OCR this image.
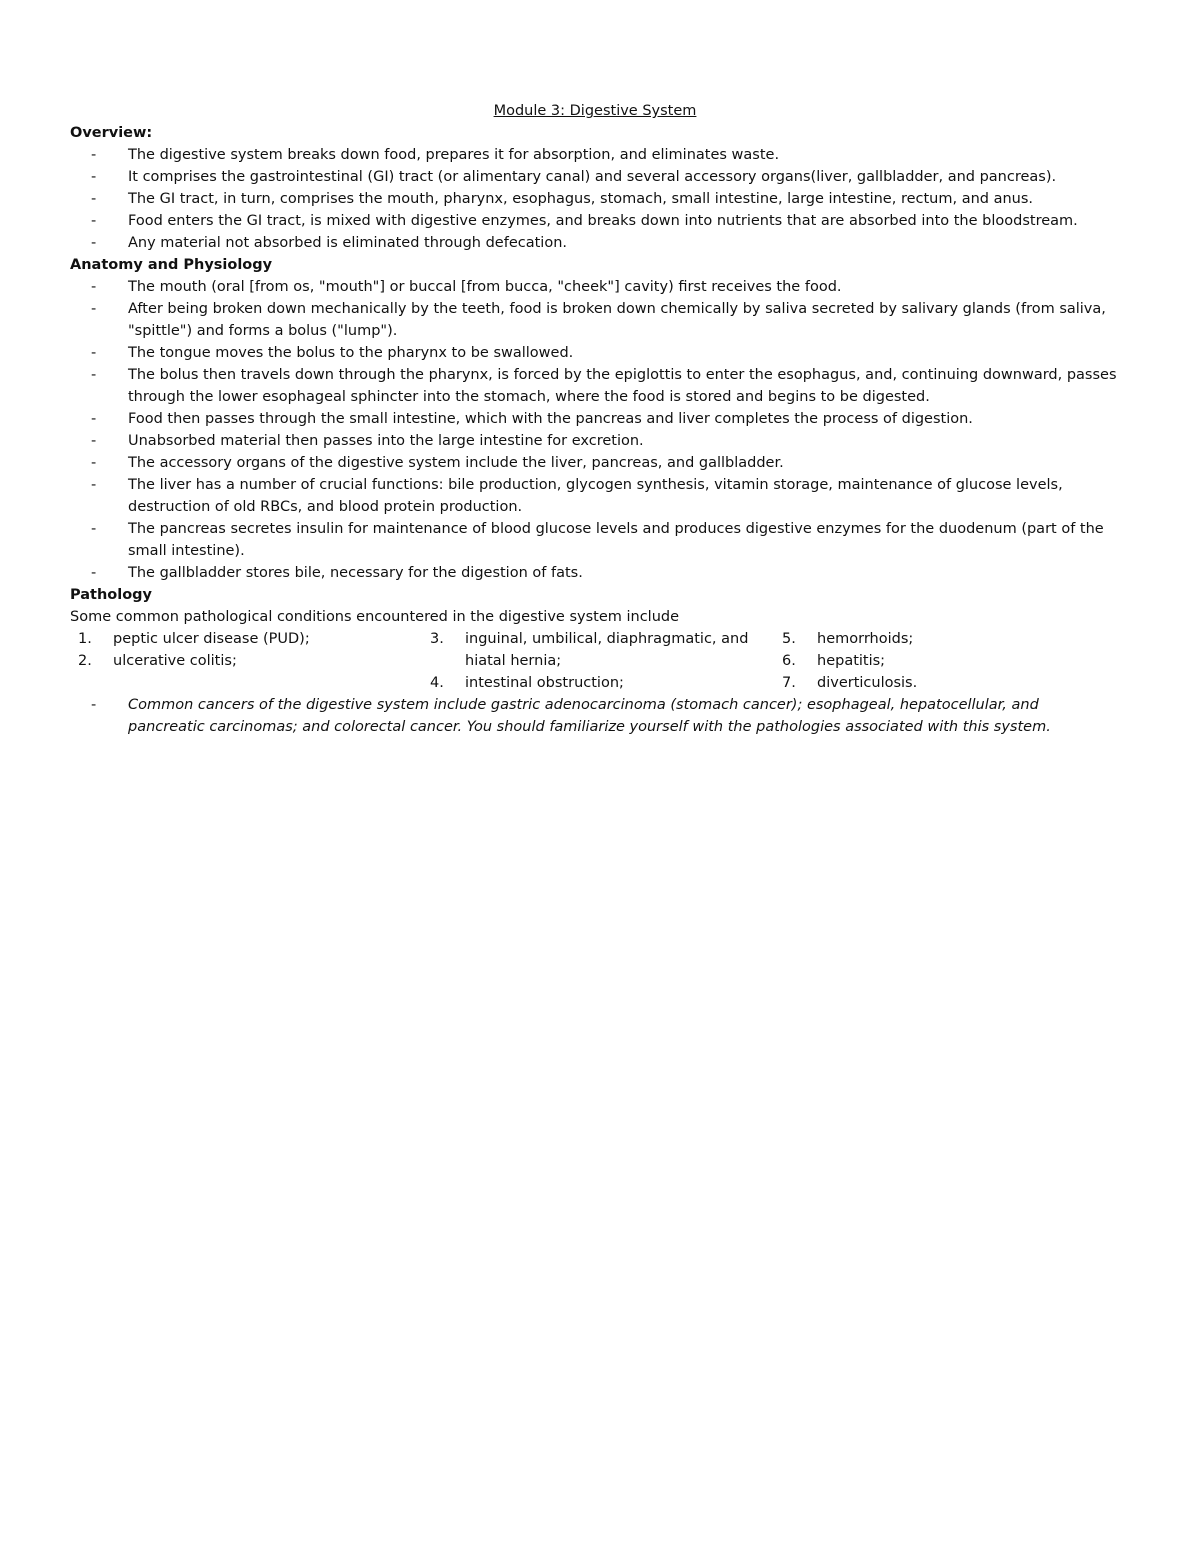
Module 3: Digestive System

Overview:

- The digestive system breaks down food, prepares it for absorption, and eliminates waste.
- It comprises the gastrointestinal (GI) tract (or alimentary canal) and several accessory organs(liver, gallbladder, and pancreas).
- The GI tract, in turn, comprises the mouth, pharynx, esophagus, stomach, small intestine, large intestine, rectum, and anus.
- Food enters the GI tract, is mixed with digestive enzymes, and breaks down into nutrients that are absorbed into the bloodstream.
- Any material not absorbed is eliminated through defecation.

Anatomy and Physiology

- The mouth (oral [from os, "mouth"] or buccal [from bucca, "cheek"] cavity) first receives the food.
- After being broken down mechanically by the teeth, food is broken down chemically by saliva secreted by salivary glands (from saliva, "spittle") and forms a bolus ("lump").
- The tongue moves the bolus to the pharynx to be swallowed.
- The bolus then travels down through the pharynx, is forced by the epiglottis to enter the esophagus, and, continuing downward, passes through the lower esophageal sphincter into the stomach, where the food is stored and begins to be digested.
- Food then passes through the small intestine, which with the pancreas and liver completes the process of digestion.
- Unabsorbed material then passes into the large intestine for excretion.
- The accessory organs of the digestive system include the liver, pancreas, and gallbladder.
- The liver has a number of crucial functions: bile production, glycogen synthesis, vitamin storage, maintenance of glucose levels, destruction of old RBCs, and blood protein production.
- The pancreas secretes insulin for maintenance of blood glucose levels and produces digestive enzymes for the duodenum (part of the small intestine).
- The gallbladder stores bile, necessary for the digestion of fats.

Pathology

Some common pathological conditions encountered in the digestive system include

1. peptic ulcer disease (PUD);
2. ulcerative colitis;
3. inguinal, umbilical, diaphragmatic, and hiatal hernia;
4. intestinal obstruction;
5. hemorrhoids;
6. hepatitis;
7. diverticulosis.
- Common cancers of the digestive system include gastric adenocarcinoma (stomach cancer); esophageal, hepatocellular, and pancreatic carcinomas; and colorectal cancer. You should familiarize yourself with the pathologies associated with this system.
